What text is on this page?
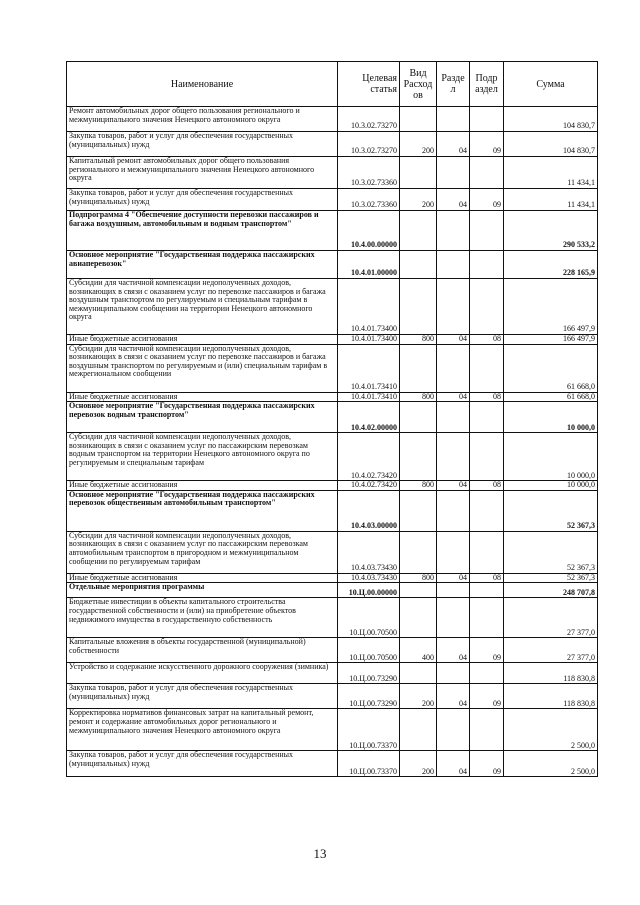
Наименование	Целевая статья	Вид Расход ов	Разде л	Подр аздел	Сумма
Ремонт автомобильных дорог общего пользования регионального и межмуниципального значения Ненецкого автономного округа	10.3.02.73270				104 830,7
Закупка товаров, работ и услуг для обеспечения государственных (муниципальных) нужд	10.3.02.73270	200	04	09	104 830,7
Капитальный ремонт автомобильных дорог общего пользования регионального и межмуниципального значения Ненецкого автономного округа	10.3.02.73360				11 434,1
Закупка товаров, работ и услуг для обеспечения государственных (муниципальных) нужд	10.3.02.73360	200	04	09	11 434,1
Подпрограмма 4 "Обеспечение доступности перевозки пассажиров и багажа воздушным, автомобильным и водным транспортом"	10.4.00.00000				290 533,2
Основное мероприятие "Государственная поддержка пассажирских авиаперевозок"	10.4.01.00000				228 165,9
Субсидии для частичной компенсации недополученных доходов, возникающих в связи с оказанием услуг по перевозке пассажиров и багажа воздушным транспортом по регулируемым и специальным тарифам в межмуниципальном сообщении на территории Ненецкого автономного округа	10.4.01.73400				166 497,9
Иные бюджетные ассигнования	10.4.01.73400	800	04	08	166 497,9
Субсидии для частичной компенсации недополученных доходов, возникающих в связи с оказанием услуг по перевозке пассажиров и багажа воздушным транспортом по регулируемым и (или) специальным тарифам в межрегиональном сообщении	10.4.01.73410				61 668,0
Иные бюджетные ассигнования	10.4.01.73410	800	04	08	61 668,0
Основное мероприятие "Государственная поддержка пассажирских перевозок водным транспортом"	10.4.02.00000				10 000,0
Субсидии для частичной компенсации недополученных доходов, возникающих в связи с оказанием услуг по пассажирским перевозкам водным транспортом на территории Ненецкого автономного округа по регулируемым и специальным тарифам	10.4.02.73420				10 000,0
Иные бюджетные ассигнования	10.4.02.73420	800	04	08	10 000,0
Основное мероприятие "Государственная поддержка пассажирских перевозок общественным автомобильным транспортом"	10.4.03.00000				52 367,3
Субсидии для частичной компенсации недополученных доходов, возникающих в связи с оказанием услуг по пассажирским перевозкам автомобильным транспортом в пригородном и межмуниципальном сообщении по регулируемым тарифам	10.4.03.73430				52 367,3
Иные бюджетные ассигнования	10.4.03.73430	800	04	08	52 367,3
Отдельные мероприятия программы	10.Ц.00.00000				248 707,8
Бюджетные инвестиции в объекты капитального строительства государственной собственности и (или) на приобретение объектов недвижимого имущества в государственную собственность	10.Ц.00.70500				27 377,0
Капитальные вложения в объекты государственной (муниципальной) собственности	10.Ц.00.70500	400	04	09	27 377,0
Устройство и содержание искусственного дорожного сооружения (зимника)	10.Ц.00.73290				118 830,8
Закупка товаров, работ и услуг для обеспечения государственных (муниципальных) нужд	10.Ц.00.73290	200	04	09	118 830,8
Корректировка нормативов финансовых затрат на капитальный ремонт, ремонт и содержание автомобильных дорог регионального и межмуниципального значения Ненецкого автономного округа	10.Ц.00.73370				2 500,0
Закупка товаров, работ и услуг для обеспечения государственных (муниципальных) нужд	10.Ц.00.73370	200	04	09	2 500,0
13
